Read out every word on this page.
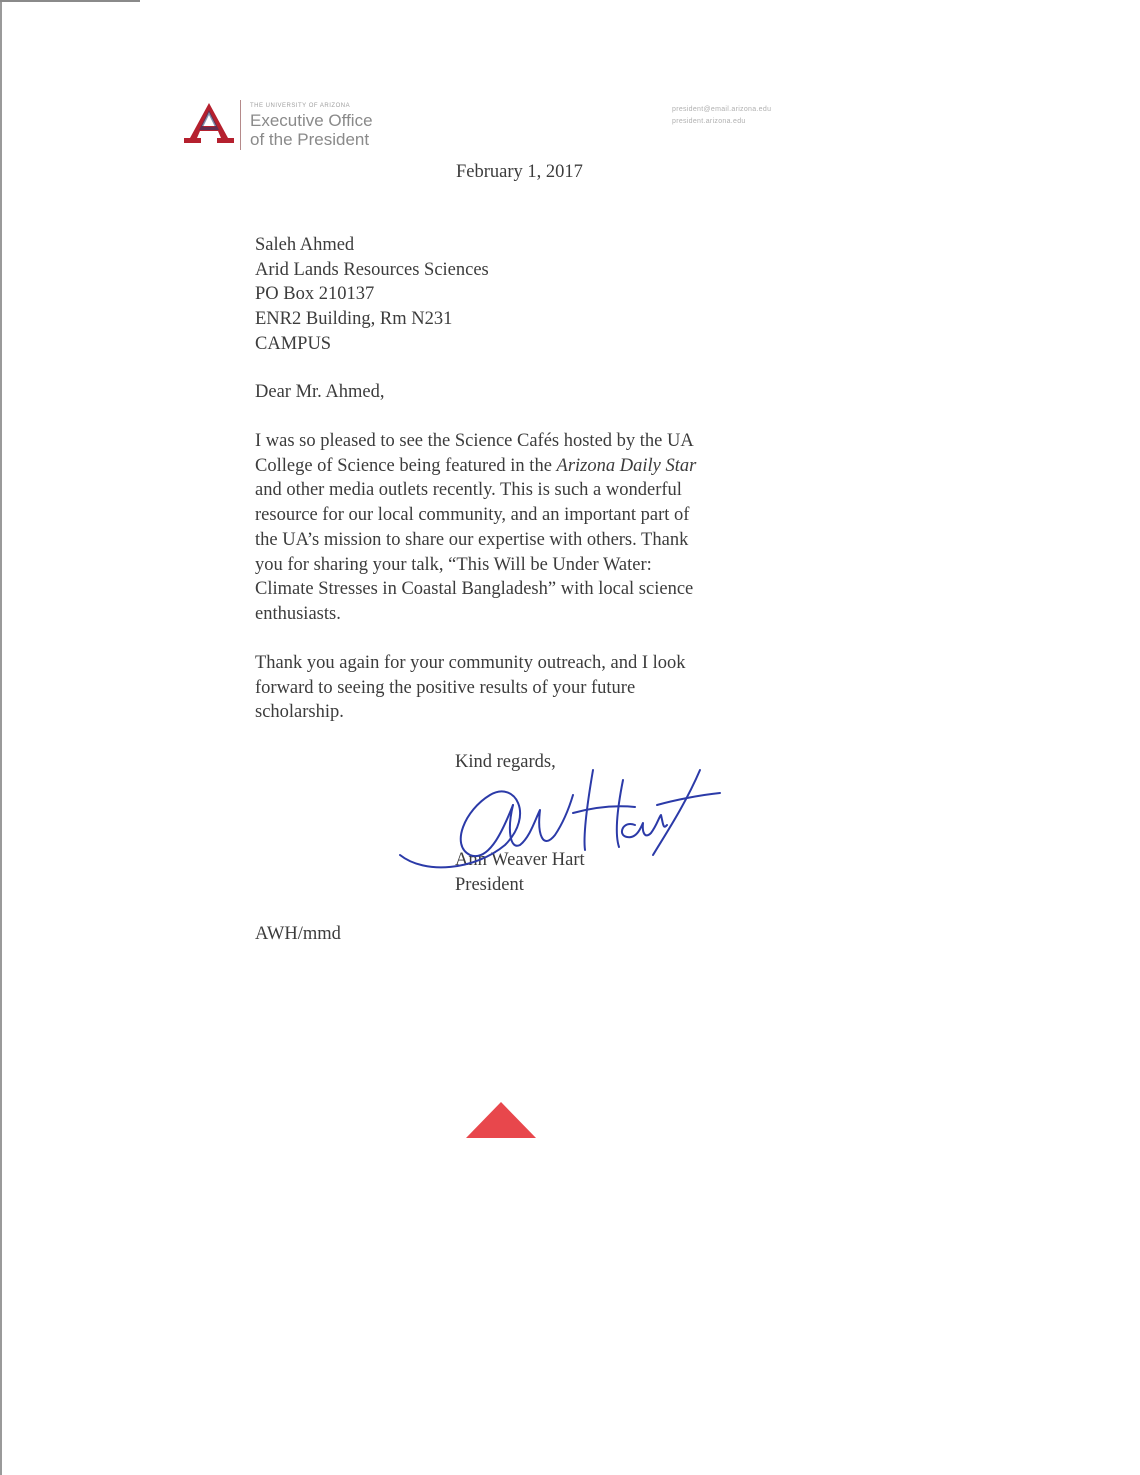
THE UNIVERSITY OF ARIZONA
Executive Office
of the President
president@email.arizona.edu
president.arizona.edu
February 1, 2017
Saleh Ahmed
Arid Lands Resources Sciences
PO Box 210137
ENR2 Building, Rm N231
CAMPUS
Dear Mr. Ahmed,
I was so pleased to see the Science Cafés hosted by the UA
College of Science being featured in the Arizona Daily Star
and other media outlets recently. This is such a wonderful
resource for our local community, and an important part of
the UA’s mission to share our expertise with others. Thank
you for sharing your talk, “This Will be Under Water:
Climate Stresses in Coastal Bangladesh” with local science
enthusiasts.
Thank you again for your community outreach, and I look
forward to seeing the positive results of your future
scholarship.
Kind regards,
Ann Weaver Hart
President
AWH/mmd
